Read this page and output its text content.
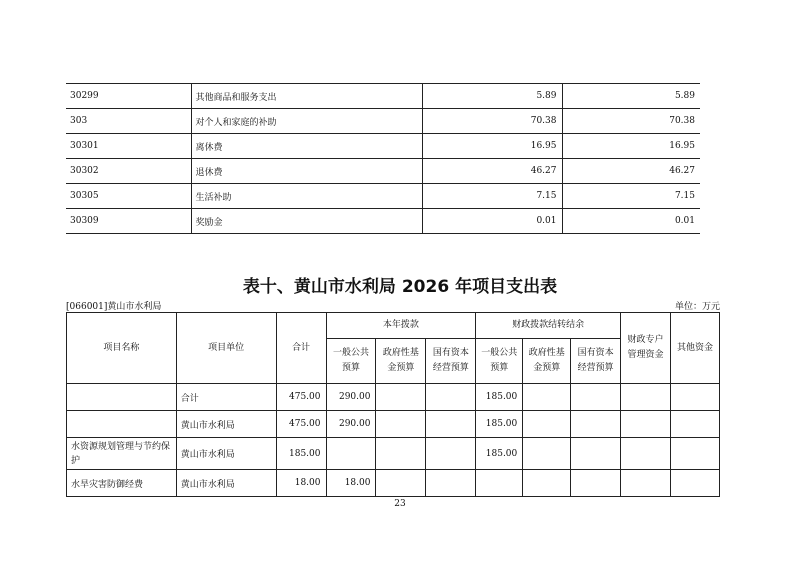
30299	其他商品和服务支出	5.89	5.89
303	对个人和家庭的补助	70.38	70.38
30301	离休费	16.95	16.95
30302	退休费	46.27	46.27
30305	生活补助	7.15	7.15
30309	奖励金	0.01	0.01
表十、黄山市水利局 2026 年项目支出表
[066001]黄山市水利局	单位：万元
项目名称	项目单位	合计	本年拨款			财政拨款结转结余			财政专户管理资金	其他资金
			一般公共预算	政府性基金预算	国有资本经营预算	一般公共预算	政府性基金预算	国有资本经营预算		
	合计	475.00	290.00			185.00				
	黄山市水利局	475.00	290.00			185.00				
水资源规划管理与节约保护	黄山市水利局	185.00				185.00				
水旱灾害防御经费	黄山市水利局	18.00	18.00							
23
